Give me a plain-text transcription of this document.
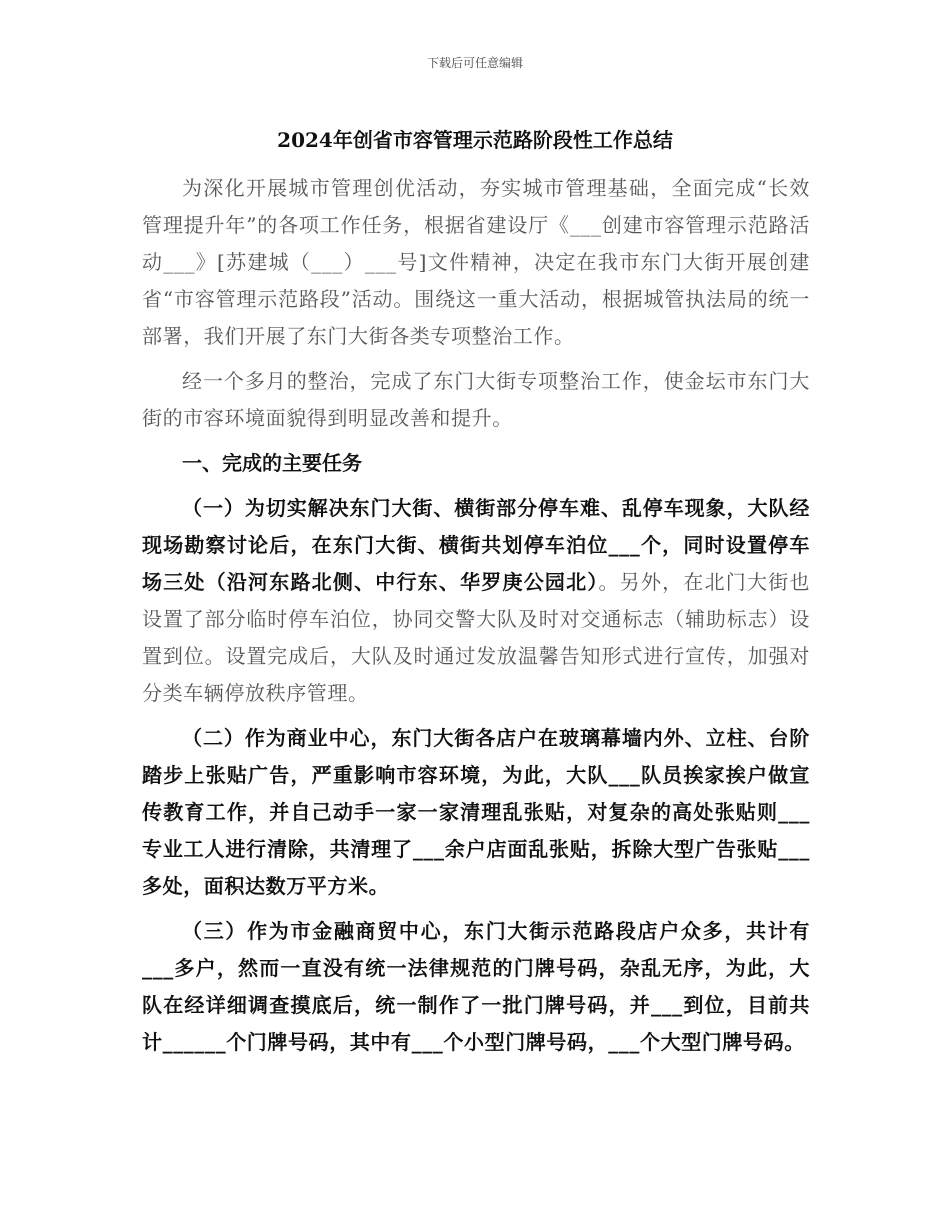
下载后可任意编辑
2024年创省市容管理示范路阶段性工作总结

为深化开展城市管理创优活动，夯实城市管理基础，全面完成“长效管理提升年”的各项工作任务，根据省建设厅《___创建市容管理示范路活动___》[苏建城（___）___号]文件精神，决定在我市东门大街开展创建省“市容管理示范路段”活动。围绕这一重大活动，根据城管执法局的统一部署，我们开展了东门大街各类专项整治工作。

经一个多月的整治，完成了东门大街专项整治工作，使金坛市东门大街的市容环境面貌得到明显改善和提升。

一、完成的主要任务

（一）为切实解决东门大街、横街部分停车难、乱停车现象，大队经现场勘察讨论后，在东门大街、横街共划停车泊位___个，同时设置停车场三处（沿河东路北侧、中行东、华罗庚公园北）。另外，在北门大街也设置了部分临时停车泊位，协同交警大队及时对交通标志（辅助标志）设置到位。设置完成后，大队及时通过发放温馨告知形式进行宣传，加强对分类车辆停放秩序管理。

（二）作为商业中心，东门大街各店户在玻璃幕墙内外、立柱、台阶踏步上张贴广告，严重影响市容环境，为此，大队___队员挨家挨户做宣传教育工作，并自己动手一家一家清理乱张贴，对复杂的高处张贴则___专业工人进行清除，共清理了___余户店面乱张贴，拆除大型广告张贴___多处，面积达数万平方米。

（三）作为市金融商贸中心，东门大街示范路段店户众多，共计有___多户，然而一直没有统一法律规范的门牌号码，杂乱无序，为此，大队在经详细调查摸底后，统一制作了一批门牌号码，并___到位，目前共计______个门牌号码，其中有___个小型门牌号码，___个大型门牌号码。
